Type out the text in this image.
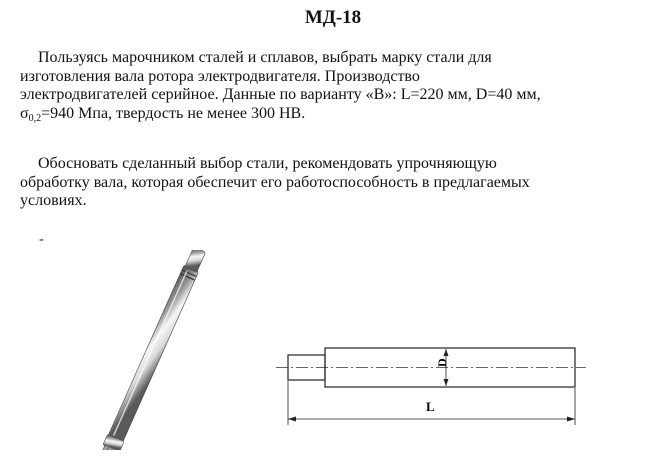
МД-18
Пользуясь марочником сталей и сплавов, выбрать марку стали для
изготовления вала ротора электродвигателя. Производство
электродвигателей серийное. Данные по варианту «В»: L=220 мм, D=40 мм,
$\sigma_{0,2}=940$ Мпа, твердость не менее 300 HB.
Обосновать сделанный выбор стали, рекомендовать упрочняющую
обработку вала, которая обеспечит его работоспособность в предлагаемых
условиях.
-
D
L
